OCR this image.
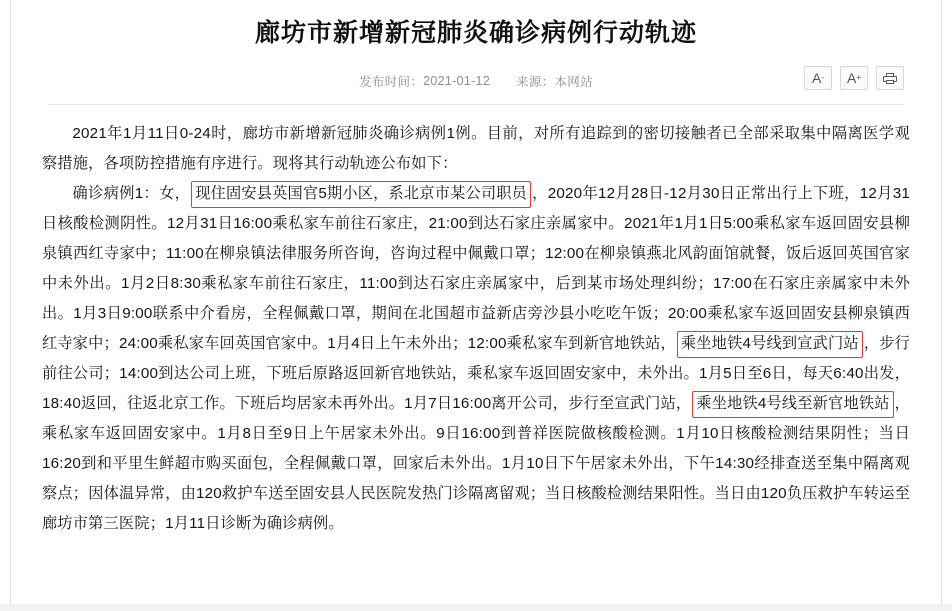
廊坊市新增新冠肺炎确诊病例行动轨迹
发布时间： 2021-01-12 来源： 本网站	A - A +

2021年1月11日0-24时，廊坊市新增新冠肺炎确诊病例1例。目前，对所有追踪到的密切接触者已全部采取集中隔离医学观察措施，各项防控措施有序进行。现将其行动轨迹公布如下：

确诊病例1：女， 现住固安县英国官5期小区，系北京市某公司职员 ，2020年12月28日-12月30日正常出行上下班，12月31日核酸检测阴性。12月31日16:00乘私家车前往石家庄，21:00到达石家庄亲属家中。2021年1月1日5:00乘私家车返回固安县柳泉镇西红寺家中；11:00在柳泉镇法律服务所咨询，咨询过程中佩戴口罩；12:00在柳泉镇燕北风韵面馆就餐，饭后返回英国官家中未外出。1月2日8:30乘私家车前往石家庄，11:00到达石家庄亲属家中，后到某市场处理纠纷；17:00在石家庄亲属家中未外出。1月3日9:00联系中介看房，全程佩戴口罩，期间在北国超市益新店旁沙县小吃吃午饭；20:00乘私家车返回固安县柳泉镇西红寺家中；24:00乘私家车回英国官家中。1月4日上午未外出；12:00乘私家车到新官地铁站， 乘坐地铁4号线到宣武门站 ，步行前往公司；14:00到达公司上班，下班后原路返回新官地铁站，乘私家车返回固安家中，未外出。1月5日至6日，每天6:40出发，18:40返回，往返北京工作。下班后均居家未再外出。1月7日16:00离开公司，步行至宣武门站， 乘坐地铁4号线至新官地铁站 ，乘私家车返回固安家中。1月8日至9日上午居家未外出。9日16:00到普祥医院做核酸检测。1月10日核酸检测结果阴性；当日16:20到和平里生鲜超市购买面包，全程佩戴口罩，回家后未外出。1月10日下午居家未外出，下午14:30经排查送至集中隔离观察点；因体温异常，由120救护车送至固安县人民医院发热门诊隔离留观；当日核酸检测结果阳性。当日由120负压救护车转运至廊坊市第三医院；1月11日诊断为确诊病例。
